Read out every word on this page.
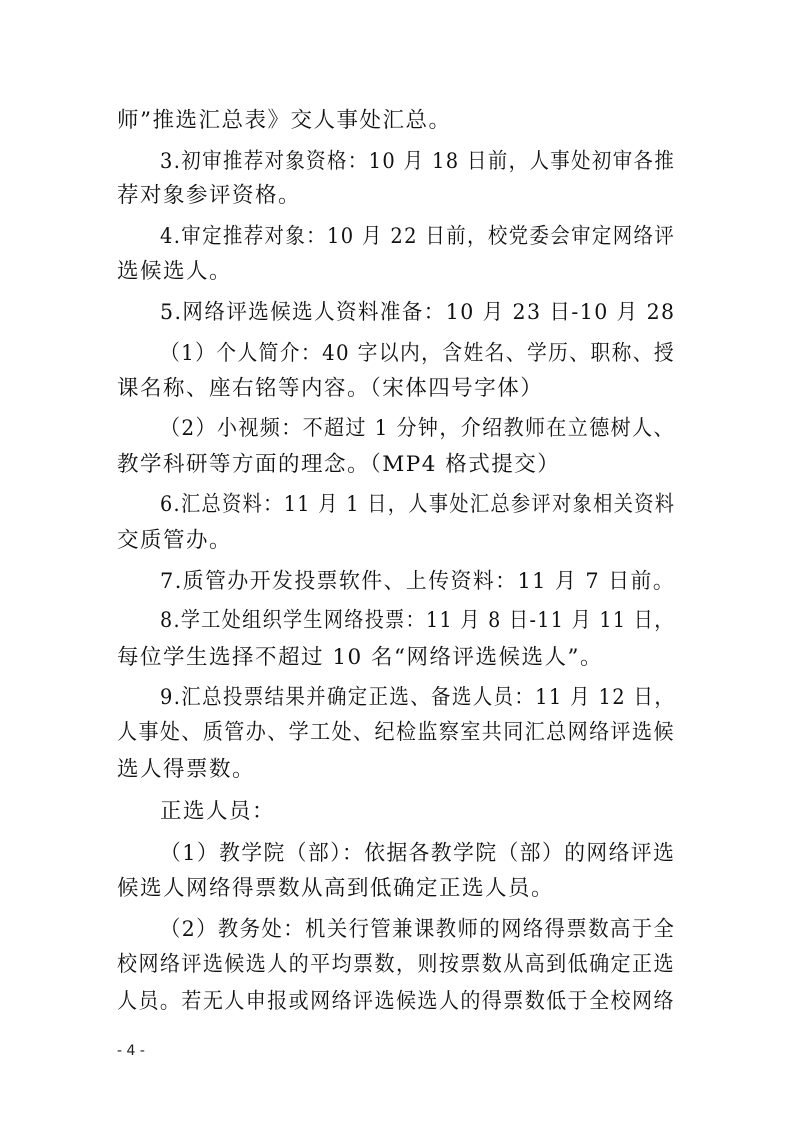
师”推选汇总表》交人事处汇总。
3.初审推荐对象资格：10 月 18 日前，人事处初审各推
荐对象参评资格。
4.审定推荐对象：10 月 22 日前，校党委会审定网络评
选候选人。
5.网络评选候选人资料准备：10 月 23 日-10 月 28
（1）个人简介：40 字以内，含姓名、学历、职称、授
课名称、座右铭等内容。（宋体四号字体）
（2）小视频：不超过 1 分钟，介绍教师在立德树人、
教学科研等方面的理念。（MP4 格式提交）
6.汇总资料：11 月 1 日，人事处汇总参评对象相关资料
交质管办。
7.质管办开发投票软件、上传资料：11 月 7 日前。
8.学工处组织学生网络投票：11 月 8 日-11 月 11 日，
每位学生选择不超过 10 名“网络评选候选人”。
9.汇总投票结果并确定正选、备选人员：11 月 12 日，
人事处、质管办、学工处、纪检监察室共同汇总网络评选候
选人得票数。
正选人员：
（1）教学院（部）：依据各教学院（部）的网络评选
候选人网络得票数从高到低确定正选人员。
（2）教务处：机关行管兼课教师的网络得票数高于全
校网络评选候选人的平均票数，则按票数从高到低确定正选
人员。若无人申报或网络评选候选人的得票数低于全校网络
- 4 -
